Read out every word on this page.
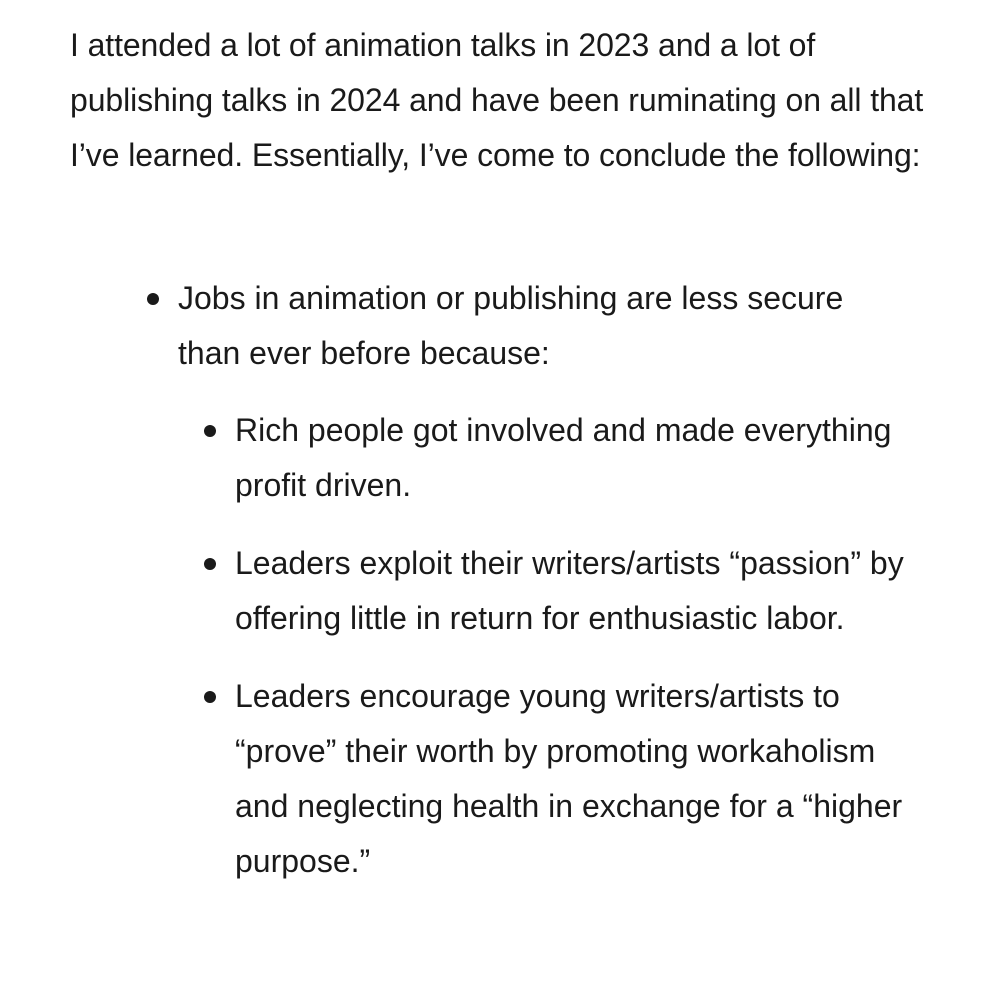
I attended a lot of animation talks in 2023 and a lot of publishing talks in 2024 and have been ruminating on all that I’ve learned. Essentially, I’ve come to conclude the following:

Jobs in animation or publishing are less secure than ever before because:
Rich people got involved and made everything profit driven.
Leaders exploit their writers/artists “passion” by offering little in return for enthusiastic labor.
Leaders encourage young writers/artists to “prove” their worth by promoting workaholism and neglecting health in exchange for a “higher purpose.”
